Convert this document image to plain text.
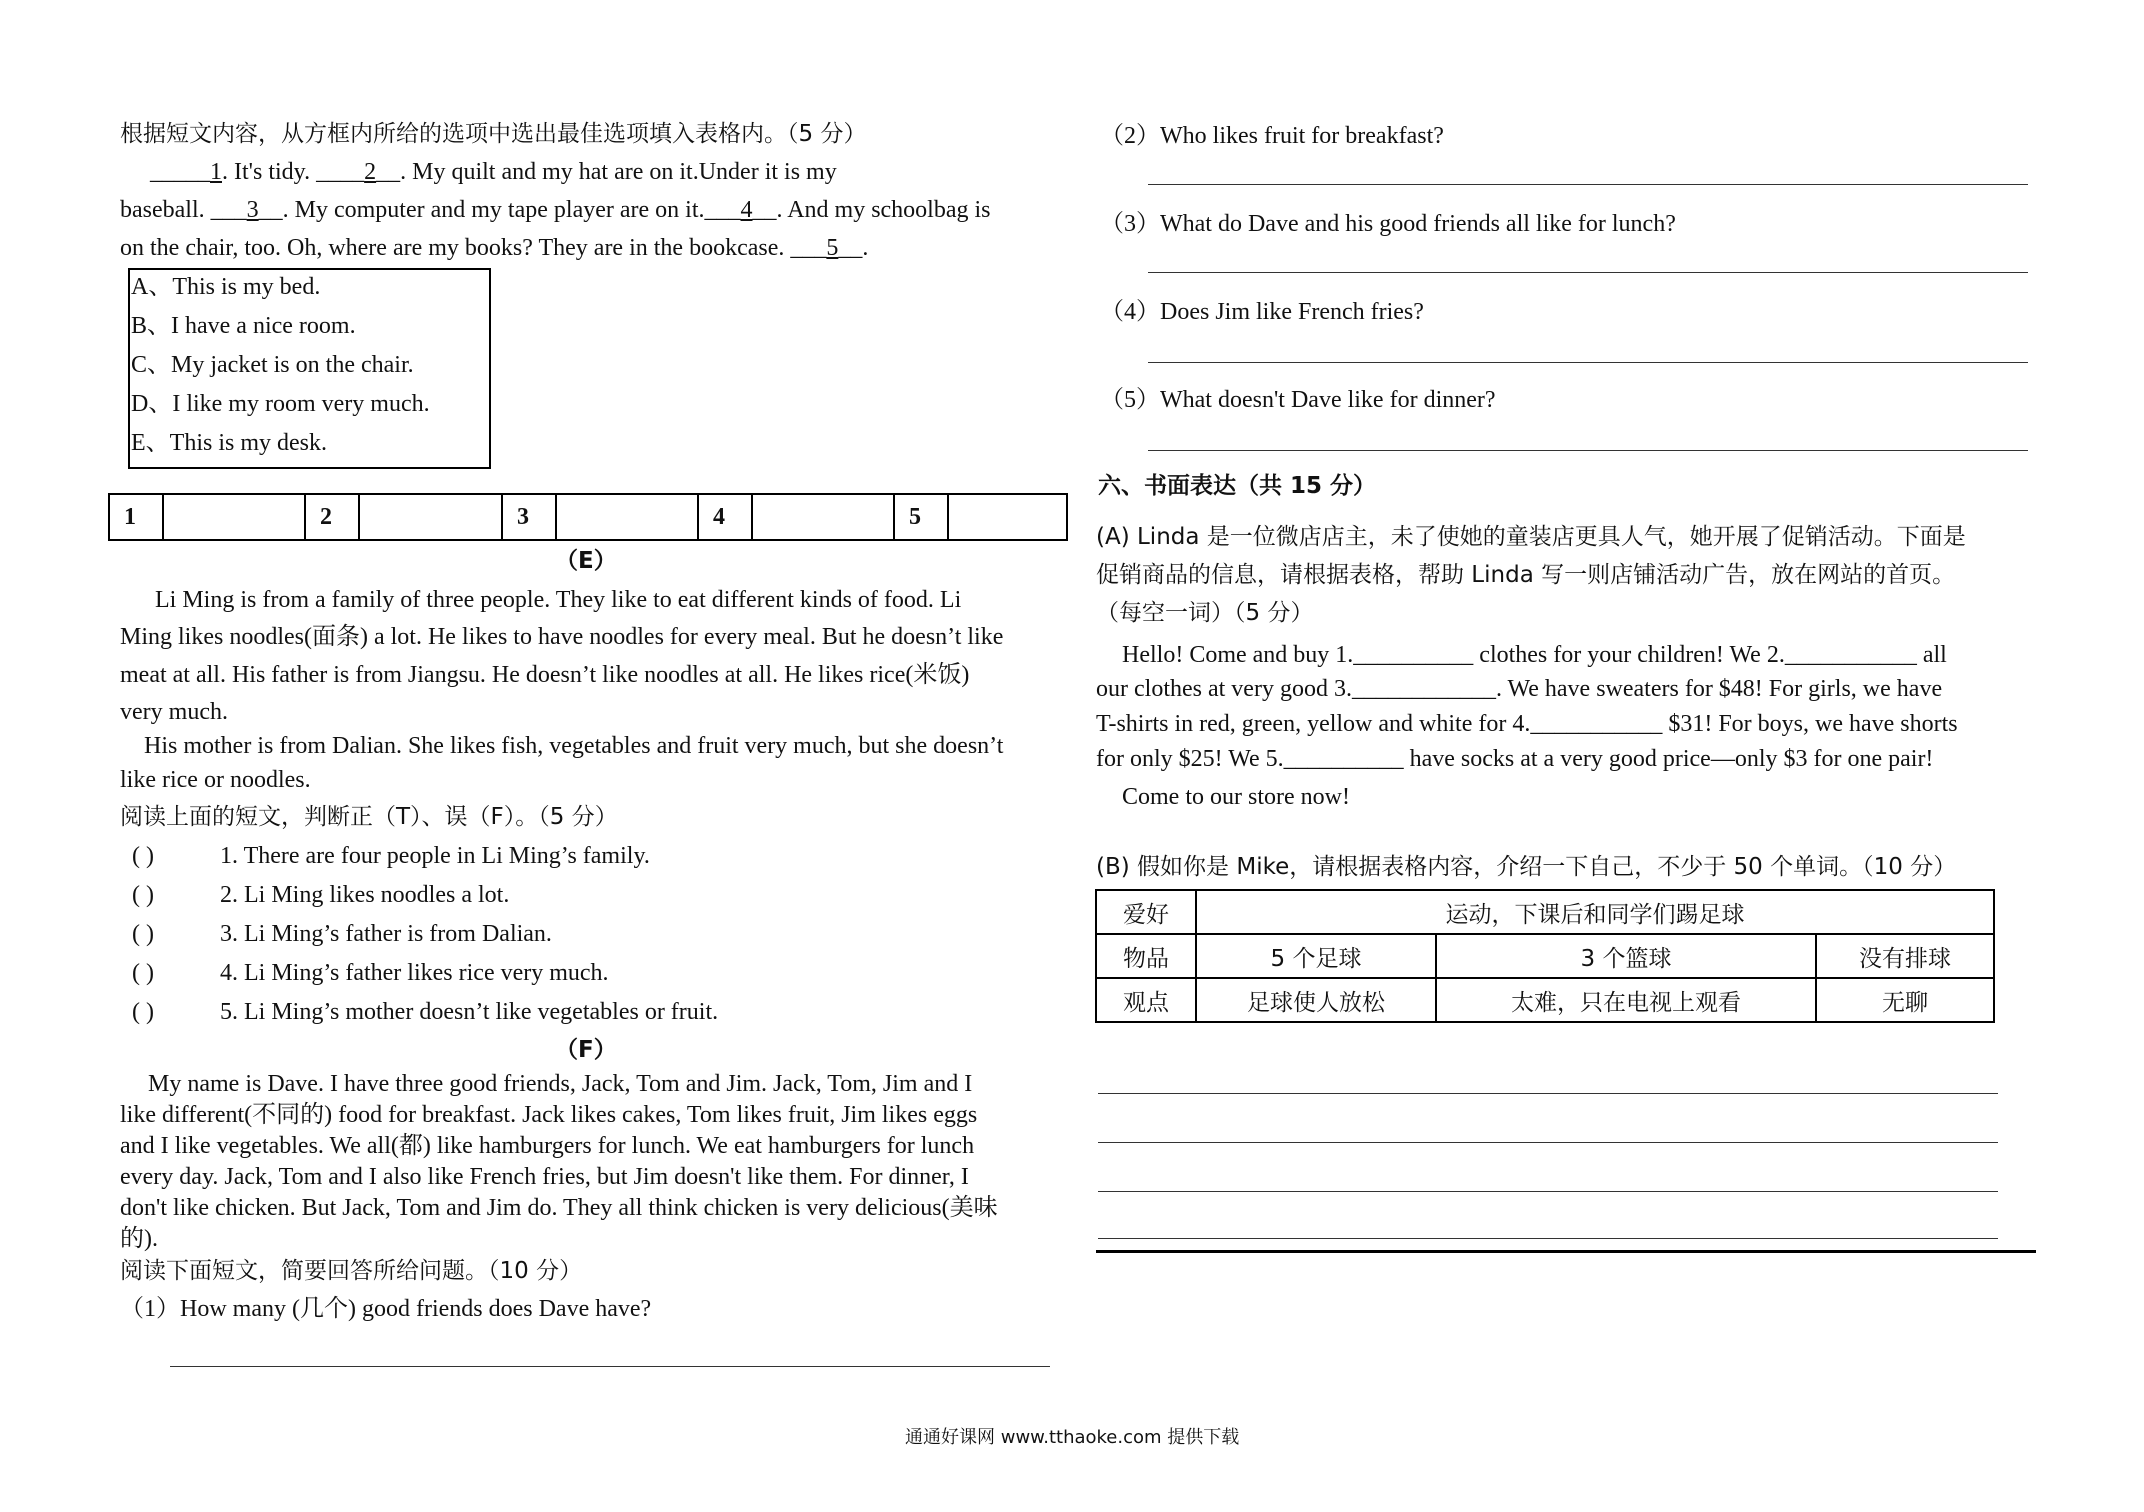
根据短文内容，从方框内所给的选项中选出最佳选项填入表格内。（5 分）
_____1. It's tidy. ____2__. My quilt and my hat are on it.Under it is my
baseball. ___3__. My computer and my tape player are on it.___4__. And my schoolbag is
on the chair, too. Oh, where are my books? They are in the bookcase. ___5__.
A、This is my bed.
B、I have a nice room.
C、My jacket is on the chair.
D、I like my room very much.
E、This is my desk.
1		2		3		4		5	
（E）
Li Ming is from a family of three people. They like to eat different kinds of food. Li
Ming likes noodles(面条) a lot. He likes to have noodles for every meal. But he doesn’t like
meat at all. His father is from Jiangsu. He doesn’t like noodles at all. He likes rice(米饭)
very much.
His mother is from Dalian. She likes fish, vegetables and fruit very much, but she doesn’t
like rice or noodles.
阅读上面的短文，判断正（T）、误（F）。（5 分）
( )	1. There are four people in Li Ming’s family.
( )	2. Li Ming likes noodles a lot.
( )	3. Li Ming’s father is from Dalian.
( )	4. Li Ming’s father likes rice very much.
( )	5. Li Ming’s mother doesn’t like vegetables or fruit.
（F）
My name is Dave. I have three good friends, Jack, Tom and Jim. Jack, Tom, Jim and I
like different(不同的) food for breakfast. Jack likes cakes, Tom likes fruit, Jim likes eggs
and I like vegetables. We all(都) like hamburgers for lunch. We eat hamburgers for lunch
every day. Jack, Tom and I also like French fries, but Jim doesn't like them. For dinner, I
don't like chicken. But Jack, Tom and Jim do. They all think chicken is very delicious(美味
的).
阅读下面短文，简要回答所给问题。（10 分）
（1）How many (几个) good friends does Dave have?
（2）Who likes fruit for breakfast?
（3）What do Dave and his good friends all like for lunch?
（4）Does Jim like French fries?
（5）What doesn't Dave like for dinner?
六、书面表达（共 15 分）
(A) Linda 是一位微店店主，未了使她的童装店更具人气，她开展了促销活动。下面是
促销商品的信息，请根据表格，帮助 Linda 写一则店铺活动广告，放在网站的首页。
（每空一词）（5 分）
Hello! Come and buy 1.__________ clothes for your children! We 2.___________ all
our clothes at very good 3.____________. We have sweaters for $48! For girls, we have
T-shirts in red, green, yellow and white for 4.___________ $31! For boys, we have shorts
for only $25! We 5.__________ have socks at a very good price—only $3 for one pair!
Come to our store now!
(B) 假如你是 Mike，请根据表格内容，介绍一下自己，不少于 50 个单词。（10 分）
爱好	运动，下课后和同学们踢足球		
物品	5 个足球	3 个篮球	没有排球
观点	足球使人放松	太难，只在电视上观看	无聊
通通好课网 www.tthaoke.com 提供下载
